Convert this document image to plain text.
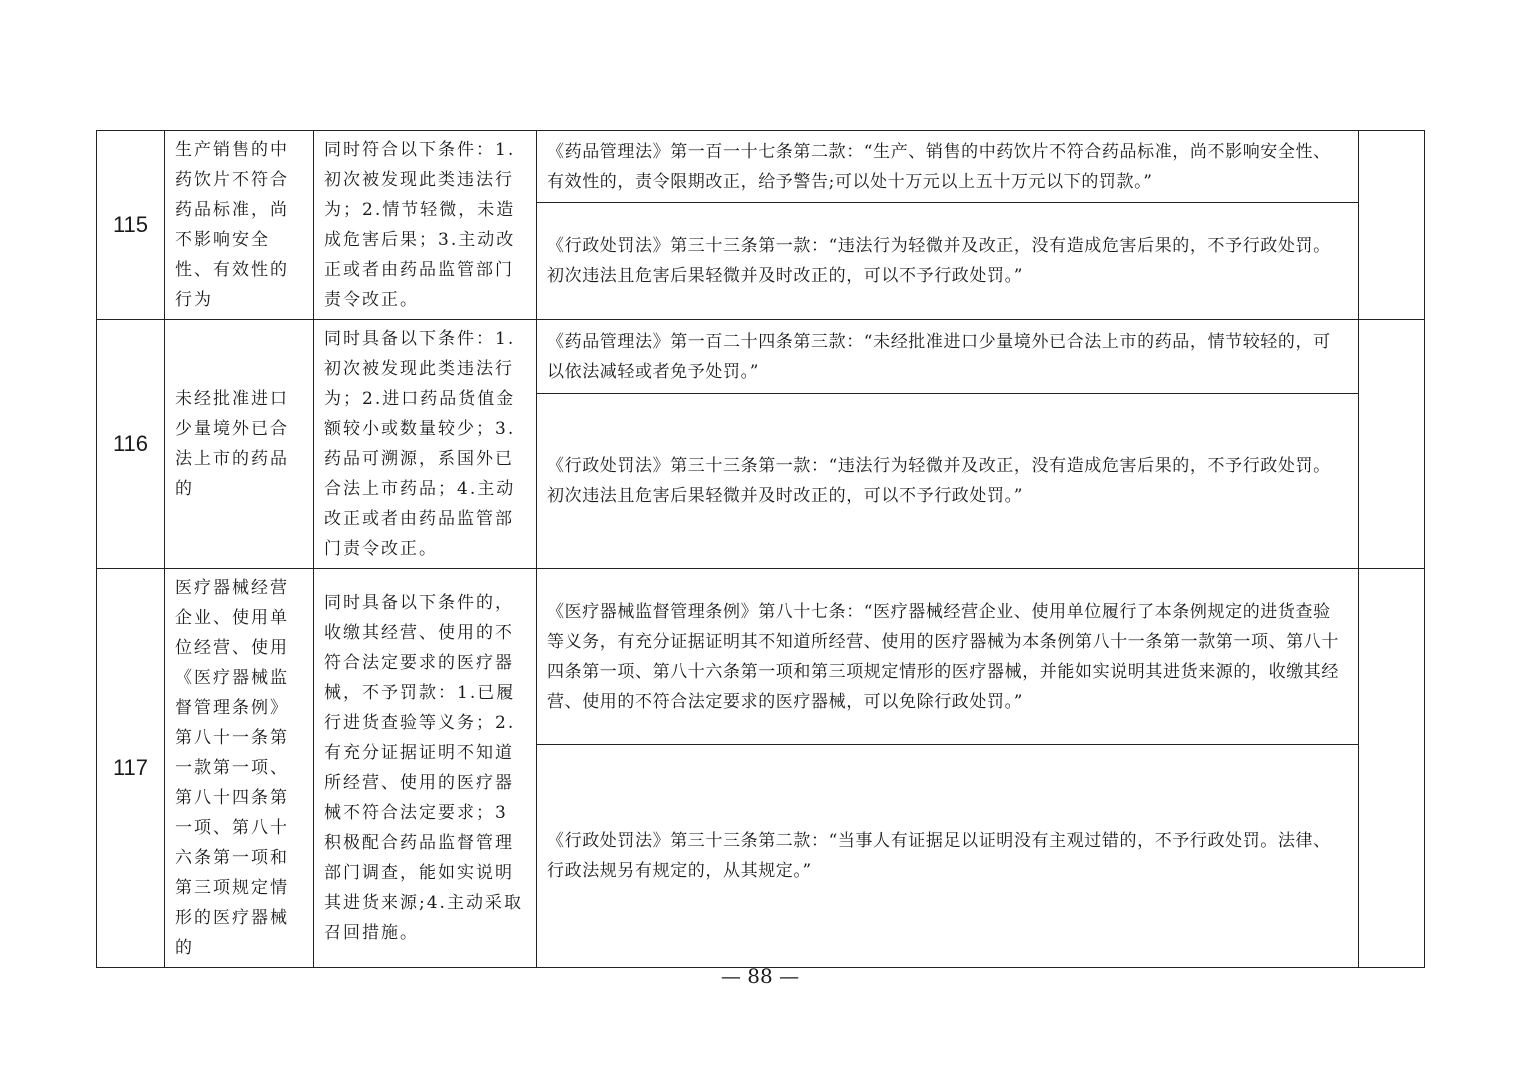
115	生产销售的中药饮片不符合药品标准，尚不影响安全性、有效性的行为	同时符合以下条件：1.初次被发现此类违法行为；2.情节轻微，未造成危害后果；3.主动改正或者由药品监管部门责令改正。	《药品管理法》第一百一十七条第二款：“生产、销售的中药饮片不符合药品标准，尚不影响安全性、有效性的，责令限期改正，给予警告;可以处十万元以上五十万元以下的罚款。”	
			《行政处罚法》第三十三条第一款：“违法行为轻微并及改正，没有造成危害后果的，不予行政处罚。初次违法且危害后果轻微并及时改正的，可以不予行政处罚。”	
116	未经批准进口少量境外已合法上市的药品的	同时具备以下条件：1.初次被发现此类违法行为；2.进口药品货值金额较小或数量较少；3.药品可溯源，系国外已合法上市药品；4.主动改正或者由药品监管部门责令改正。	《药品管理法》第一百二十四条第三款：“未经批准进口少量境外已合法上市的药品，情节较轻的，可以依法减轻或者免予处罚。”	
			《行政处罚法》第三十三条第一款：“违法行为轻微并及改正，没有造成危害后果的，不予行政处罚。初次违法且危害后果轻微并及时改正的，可以不予行政处罚。”	
117	医疗器械经营企业、使用单位经营、使用《医疗器械监督管理条例》第八十一条第一款第一项、第八十四条第一项、第八十六条第一项和第三项规定情形的医疗器械的	同时具备以下条件的，收缴其经营、使用的不符合法定要求的医疗器械，不予罚款：1.已履行进货查验等义务；2.有充分证据证明不知道所经营、使用的医疗器械不符合法定要求；3积极配合药品监督管理部门调查，能如实说明其进货来源;4.主动采取召回措施。	《医疗器械监督管理条例》第八十七条：“医疗器械经营企业、使用单位履行了本条例规定的进货查验等义务，有充分证据证明其不知道所经营、使用的医疗器械为本条例第八十一条第一款第一项、第八十四条第一项、第八十六条第一项和第三项规定情形的医疗器械，并能如实说明其进货来源的，收缴其经营、使用的不符合法定要求的医疗器械，可以免除行政处罚。”	
			《行政处罚法》第三十三条第二款：“当事人有证据足以证明没有主观过错的，不予行政处罚。法律、行政法规另有规定的，从其规定。”	
— 88 —
